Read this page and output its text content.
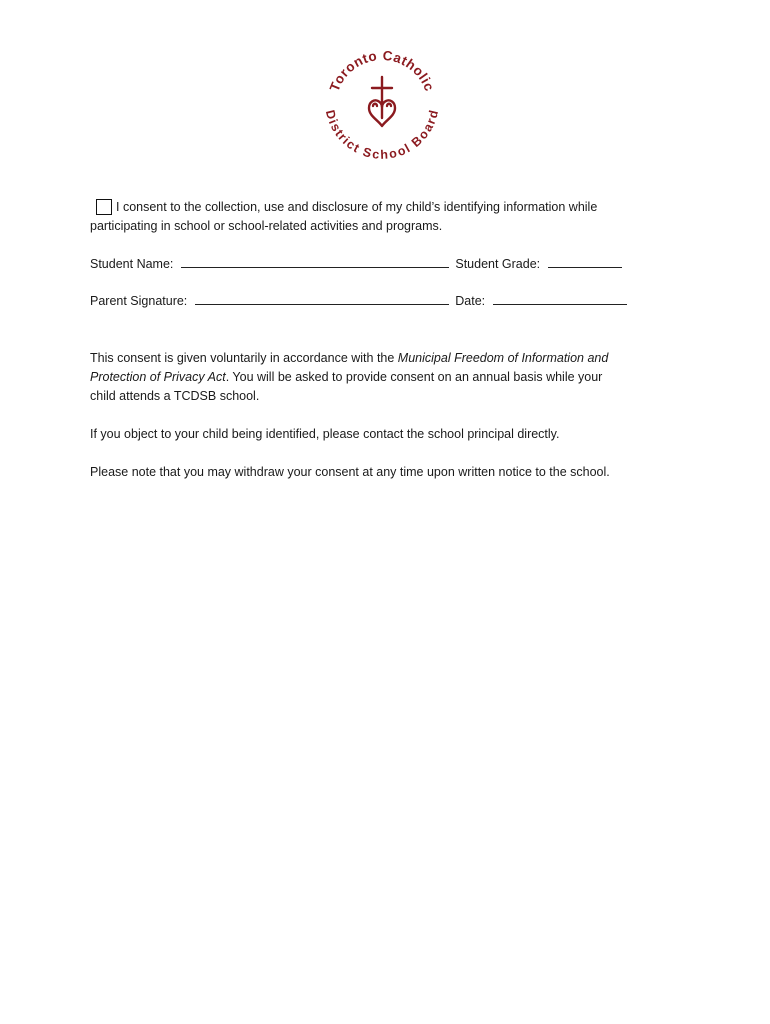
Toronto Catholic
District School Board
I consent to the collection, use and disclosure of my child’s identifying information while
participating in school or school-related activities and programs.
Student Name:	Student Grade:
Parent Signature:	Date:
This consent is given voluntarily in accordance with the Municipal Freedom of Information and
Protection of Privacy Act. You will be asked to provide consent on an annual basis while your
child attends a TCDSB school.
If you object to your child being identified, please contact the school principal directly.
Please note that you may withdraw your consent at any time upon written notice to the school.
